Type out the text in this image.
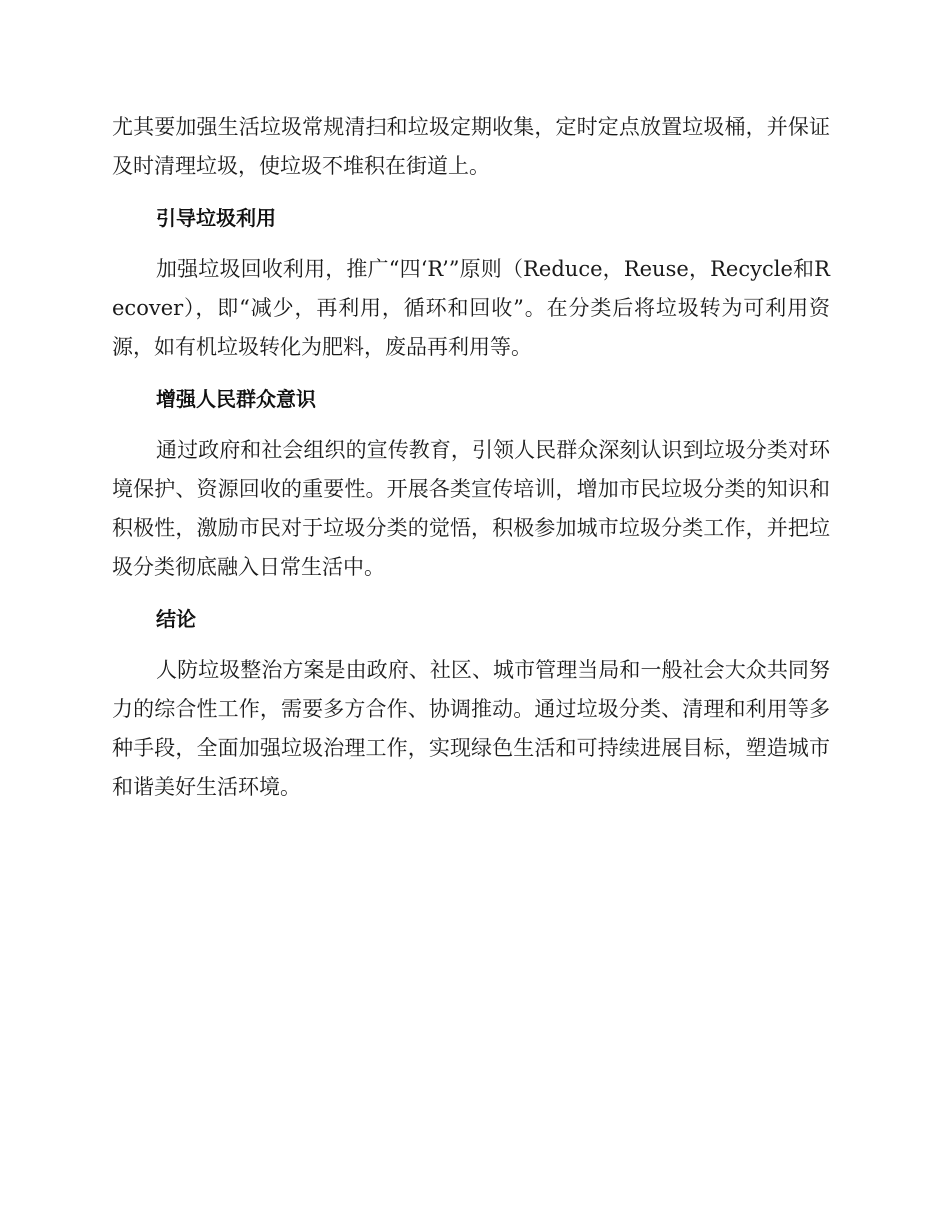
尤其要加强生活垃圾常规清扫和垃圾定期收集，定时定点放置垃圾桶，并保证及时清理垃圾，使垃圾不堆积在街道上。

引导垃圾利用

加强垃圾回收利用，推广“四‘R’”原则（Reduce，Reuse，Recycle和Recover），即“减少，再利用，循环和回收”。在分类后将垃圾转为可利用资源，如有机垃圾转化为肥料，废品再利用等。

增强人民群众意识

通过政府和社会组织的宣传教育，引领人民群众深刻认识到垃圾分类对环境保护、资源回收的重要性。开展各类宣传培训，增加市民垃圾分类的知识和积极性，激励市民对于垃圾分类的觉悟，积极参加城市垃圾分类工作，并把垃圾分类彻底融入日常生活中。

结论

人防垃圾整治方案是由政府、社区、城市管理当局和一般社会大众共同努力的综合性工作，需要多方合作、协调推动。通过垃圾分类、清理和利用等多种手段，全面加强垃圾治理工作，实现绿色生活和可持续进展目标，塑造城市和谐美好生活环境。
